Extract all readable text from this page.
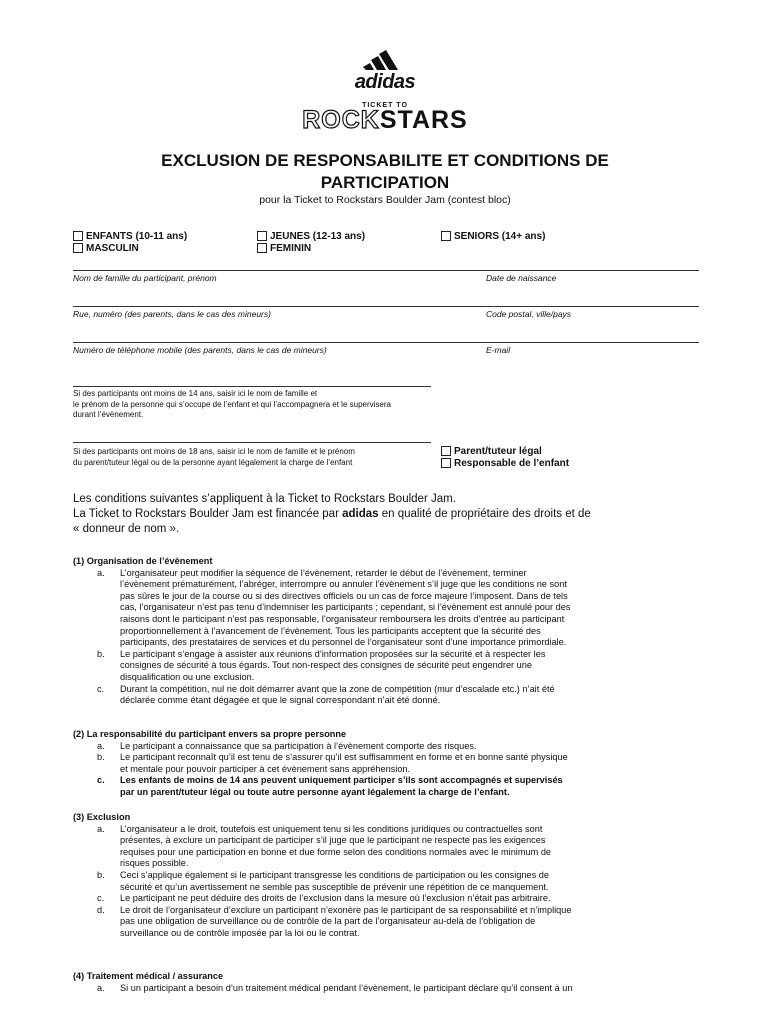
adidas
TICKET TO
ROCKSTARS
EXCLUSION DE RESPONSABILITE ET CONDITIONS DE
PARTICIPATION
pour la Ticket to Rockstars Boulder Jam (contest bloc)
ENFANTS (10-11 ans)
MASCULIN
JEUNES (12-13 ans)
FEMININ
SENIORS (14+ ans)
Nom de famille du participant, prénom	Date de naissance
Rue, numéro (des parents, dans le cas des mineurs)	Code postal, ville/pays
Numéro de téléphone mobile (des parents, dans le cas de mineurs)	E-mail
Si des participants ont moins de 14 ans, saisir ici le nom de famille et
le prénom de la personne qui s’occupe de l’enfant et qui l’accompagnera et le supervisera
durant l’évènement.
Si des participants ont moins de 18 ans, saisir ici le nom de famille et le prénom
du parent/tuteur légal ou de la personne ayant légalement la charge de l’enfant
Parent/tuteur légal
Responsable de l’enfant
Les conditions suivantes s’appliquent à la Ticket to Rockstars Boulder Jam.
La Ticket to Rockstars Boulder Jam est financée par adidas en qualité de propriétaire des droits et de
« donneur de nom ».
(1) Organisation de l’évènement
a. L’organisateur peut modifier la séquence de l’évènement, retarder le début de l’évènement, terminer
l’évènement prématurément, l’abréger, interrompre ou annuler l’évènement s’il juge que les conditions ne sont
pas sûres le jour de la course ou si des directives officiels ou un cas de force majeure l’imposent. Dans de tels
cas, l’organisateur n’est pas tenu d’indemniser les participants ; cependant, si l’évènement est annulé pour des
raisons dont le participant n’est pas responsable, l’organisateur remboursera les droits d’entrée au participant
proportionnellement à l’avancement de l’évènement. Tous les participants acceptent que la sécurité des
participants, des prestataires de services et du personnel de l’organisateur sont d’une importance primordiale.
b. Le participant s’engage à assister aux réunions d’information proposées sur la sécurité et à respecter les
consignes de sécurité à tous égards. Tout non-respect des consignes de sécurité peut engendrer une
disqualification ou une exclusion.
c. Durant la compétition, nul ne doit démarrer avant que la zone de compétition (mur d’escalade etc.) n’ait été
déclarée comme étant dégagée et que le signal correspondant n’ait été donné.
(2) La responsabilité du participant envers sa propre personne
a. Le participant a connaissance que sa participation à l’évènement comporte des risques.
b. Le participant reconnaît qu’il est tenu de s’assurer qu’il est suffisamment en forme et en bonne santé physique
et mentale pour pouvoir participer à cet évènement sans appréhension.
c. Les enfants de moins de 14 ans peuvent uniquement participer s’ils sont accompagnés et supervisés
par un parent/tuteur légal ou toute autre personne ayant légalement la charge de l’enfant.
(3) Exclusion
a. L’organisateur a le droit, toutefois est uniquement tenu si les conditions juridiques ou contractuelles sont
présentes, à exclure un participant de participer s’il juge que le participant ne respecte pas les exigences
requises pour une participation en bonne et due forme selon des conditions normales avec le minimum de
risques possible.
b. Ceci s’applique également si le participant transgresse les conditions de participation ou les consignes de
sécurité et qu’un avertissement ne semble pas susceptible de prévenir une répétition de ce manquement.
c. Le participant ne peut déduire des droits de l’exclusion dans la mesure où l’exclusion n’était pas arbitraire.
d. Le droit de l’organisateur d’exclure un participant n’exonère pas le participant de sa responsabilité et n’implique
pas une obligation de surveillance ou de contrôle de la part de l’organisateur au-delà de l’obligation de
surveillance ou de contrôle imposée par la loi ou le contrat.
(4) Traitement médical / assurance
a. Si un participant a besoin d’un traitement médical pendant l’évènement, le participant déclare qu’il consent à un
